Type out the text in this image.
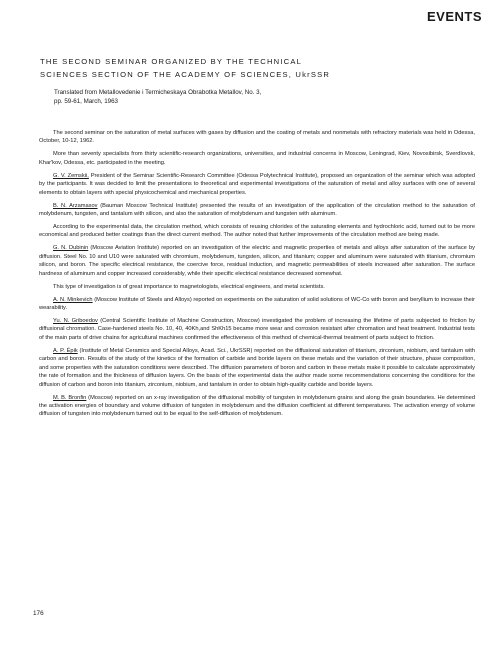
EVENTS
THE SECOND SEMINAR ORGANIZED BY THE TECHNICAL
SCIENCES SECTION OF THE ACADEMY OF SCIENCES, UkrSSR
Translated from Metallovedenie i Termicheskaya Obrabotka Metallov, No. 3,
pp. 59-61, March, 1963

The second seminar on the saturation of metal surfaces with gases by diffusion and the coating of metals and nonmetals with refractory materials was held in Odessa, October, 10-12, 1962.

More than seventy specialists from thirty scientific-research organizations, universities, and industrial concerns in Moscow, Leningrad, Kiev, Novosibirsk, Sverdlovsk, Khar'kov, Odessa, etc. participated in the meeting.

G. V. Zemskii, President of the Seminar Scientific-Research Committee (Odessa Polytechnical Institute), proposed an organization of the seminar which was adopted by the participants. It was decided to limit the presentations to theoretical and experimental investigations of the saturation of metal and alloy surfaces with one of several elements to obtain layers with special physicochemical and mechanical properties.

B. N. Arzamasov (Bauman Moscow Technical Institute) presented the results of an investigation of the application of the circulation method to the saturation of molybdenum, tungsten, and tantalum with silicon, and also the saturation of molybdenum and tungsten with aluminum.

According to the experimental data, the circulation method, which consists of reusing chlorides of the saturating elements and hydrochloric acid, turned out to be more economical and produced better coatings than the direct current method. The author noted that further improvements of the circulation method are being made.

G. N. Dubinin (Moscow Aviation Institute) reported on an investigation of the electric and magnetic properties of metals and alloys after saturation of the surface by diffusion. Steel No. 10 and U10 were saturated with chromium, molybdenum, tungsten, silicon, and titanium; copper and aluminum were saturated with titanium, chromium silicon, and boron. The specific electrical resistance, the coercive force, residual induction, and magnetic permeabilities of steels increased after saturation. The surface hardness of aluminum and copper increased considerably, while their specific electrical resistance decreased somewhat.

This type of investigation is of great importance to magnetologists, electrical engineers, and metal scientists.

A. N. Minkevich (Moscow Institute of Steels and Alloys) reported on experiments on the saturation of solid solutions of WC-Co with boron and beryllium to increase their wearability.

Yu. N. Griboedov (Central Scientific Institute of Machine Construction, Moscow) investigated the problem of increasing the lifetime of parts subjected to friction by diffusional chromation. Case-hardened steels No. 10, 40, 40Kh,and ShKh15 became more wear and corrosion resistant after chromation and heat treatment. Industrial tests of the main parts of drive chains for agricultural machines confirmed the effectiveness of this method of chemical-thermal treatment of parts subject to friction.

A. P. Épik (Institute of Metal Ceramics and Special Alloys, Acad. Sci., UkrSSR) reported on the diffusional saturation of titanium, zirconium, niobium, and tantalum with carbon and boron. Results of the study of the kinetics of the formation of carbide and boride layers on these metals and the variation of their structure, phase composition, and some properties with the saturation conditions were described. The diffusion parameters of boron and carbon in these metals make it possible to calculate approximately the rate of formation and the thickness of diffusion layers. On the basis of the experimental data the author made some recommendations concerning the conditions for the diffusion of carbon and boron into titanium, zirconium, niobium, and tantalum in order to obtain high-quality carbide and boride layers.

M. B. Bronfin (Moscow) reported on an x-ray investigation of the diffusional mobility of tungsten in molybdenum grains and along the grain boundaries. He determined the activation energies of boundary and volume diffusion of tungsten in molybdenum and the diffusion coefficient at different temperatures. The activation energy of volume diffusion of tungsten into molybdenum turned out to be equal to the self-diffusion of molybdenum.

176
